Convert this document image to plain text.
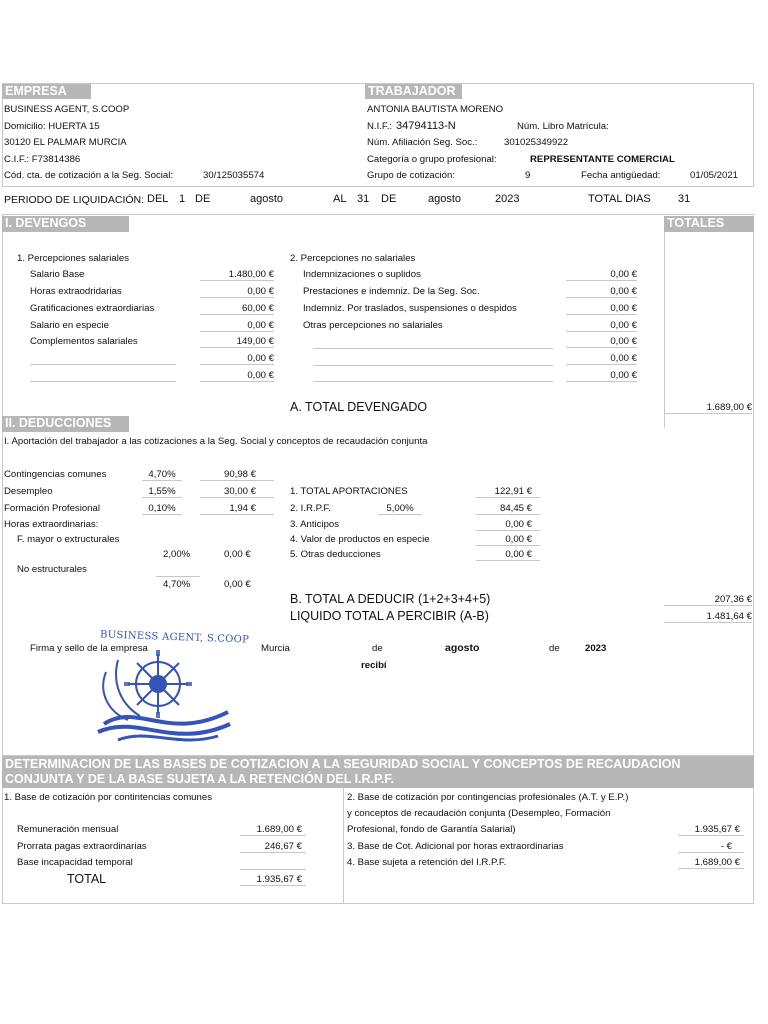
EMPRESA
BUSINESS AGENT, S.COOP
Domicilio: HUERTA 15
30120 EL PALMAR MURCIA
C.I.F.: F73814386
Cód. cta. de cotización a la Seg. Social:	30/125035574
TRABAJADOR
ANTONIA BAUTISTA MORENO
N.I.F.: 34794113-N	Núm. Libro Matrícula:
Núm. Afiliación Seg. Soc.:	301025349922
Categoría o grupo profesional:	REPRESENTANTE COMERCIAL
Grupo de cotización:	9	Fecha antigüedad:	01/05/2021
PERIODO DE LIQUIDACIÓN: DEL 1 DE	agosto	AL 31 DE	agosto	2023	TOTAL DIAS 31
I. DEVENGOS	TOTALES
1. Percepciones salariales	2. Percepciones no salariales
Salario Base	1.480,00 €
Horas extraodridarias	0,00 €
Gratificaciones extraordiarias	60,00 €
Salario en especie	0,00 €
Complementos salariales	149,00 €
0,00 €
0,00 €
Indemnizaciones o suplidos	0,00 €
Prestaciones e indemniz. De la Seg. Soc.	0,00 €
Indemniz. Por traslados, suspensiones o despidos	0,00 €
Otras percepciones no salariales	0,00 €
0,00 €
0,00 €
0,00 €
A. TOTAL DEVENGADO	1.689,00 €
II. DEDUCCIONES
I. Aportación del trabajador a las cotizaciones a la Seg. Social y conceptos de recaudación conjunta
Contingencias comunes	4,70%	90,98 €
Desempleo	1,55%	30,00 €
Formación Profesional	0,10%	1,94 €
Horas extraordinarias:
F. mayor o extructurales
2,00%	0,00 €
No estructurales
4,70%	0,00 €
1. TOTAL APORTACIONES	122,91 €
2. I.R.P.F.	5,00%	84,45 €
3. Anticipos	0,00 €
4. Valor de productos en especie	0,00 €
5. Otras deducciones	0,00 €
B. TOTAL A DEDUCIR (1+2+3+4+5)	207,36 €
LIQUIDO TOTAL A PERCIBIR (A-B)	1.481,64 €
Firma y sello de la empresa	Murcia	de	agosto	de	2023
recibí
BUSINESS AGENT, S.COOP
DETERMINACION DE LAS BASES DE COTIZACION A LA SEGURIDAD SOCIAL Y CONCEPTOS DE RECAUDACION
CONJUNTA Y DE LA BASE SUJETA A LA RETENCIÓN DEL I.R.P.F.
1. Base de cotización por contintencias comunes
Remuneración mensual	1.689,00 €
Prorrata pagas extraordinarias	246,67 €
Base incapacidad temporal
TOTAL	1.935,67 €
2. Base de cotización por contingencias profesionales (A.T. y E.P.)
y conceptos de recaudación conjunta (Desempleo, Formación
Profesional, fondo de Garantía Salarial)	1.935,67 €
3. Base de Cot. Adicional por horas extraordinarias	- €
4. Base sujeta a retención del I.R.P.F.	1.689,00 €
